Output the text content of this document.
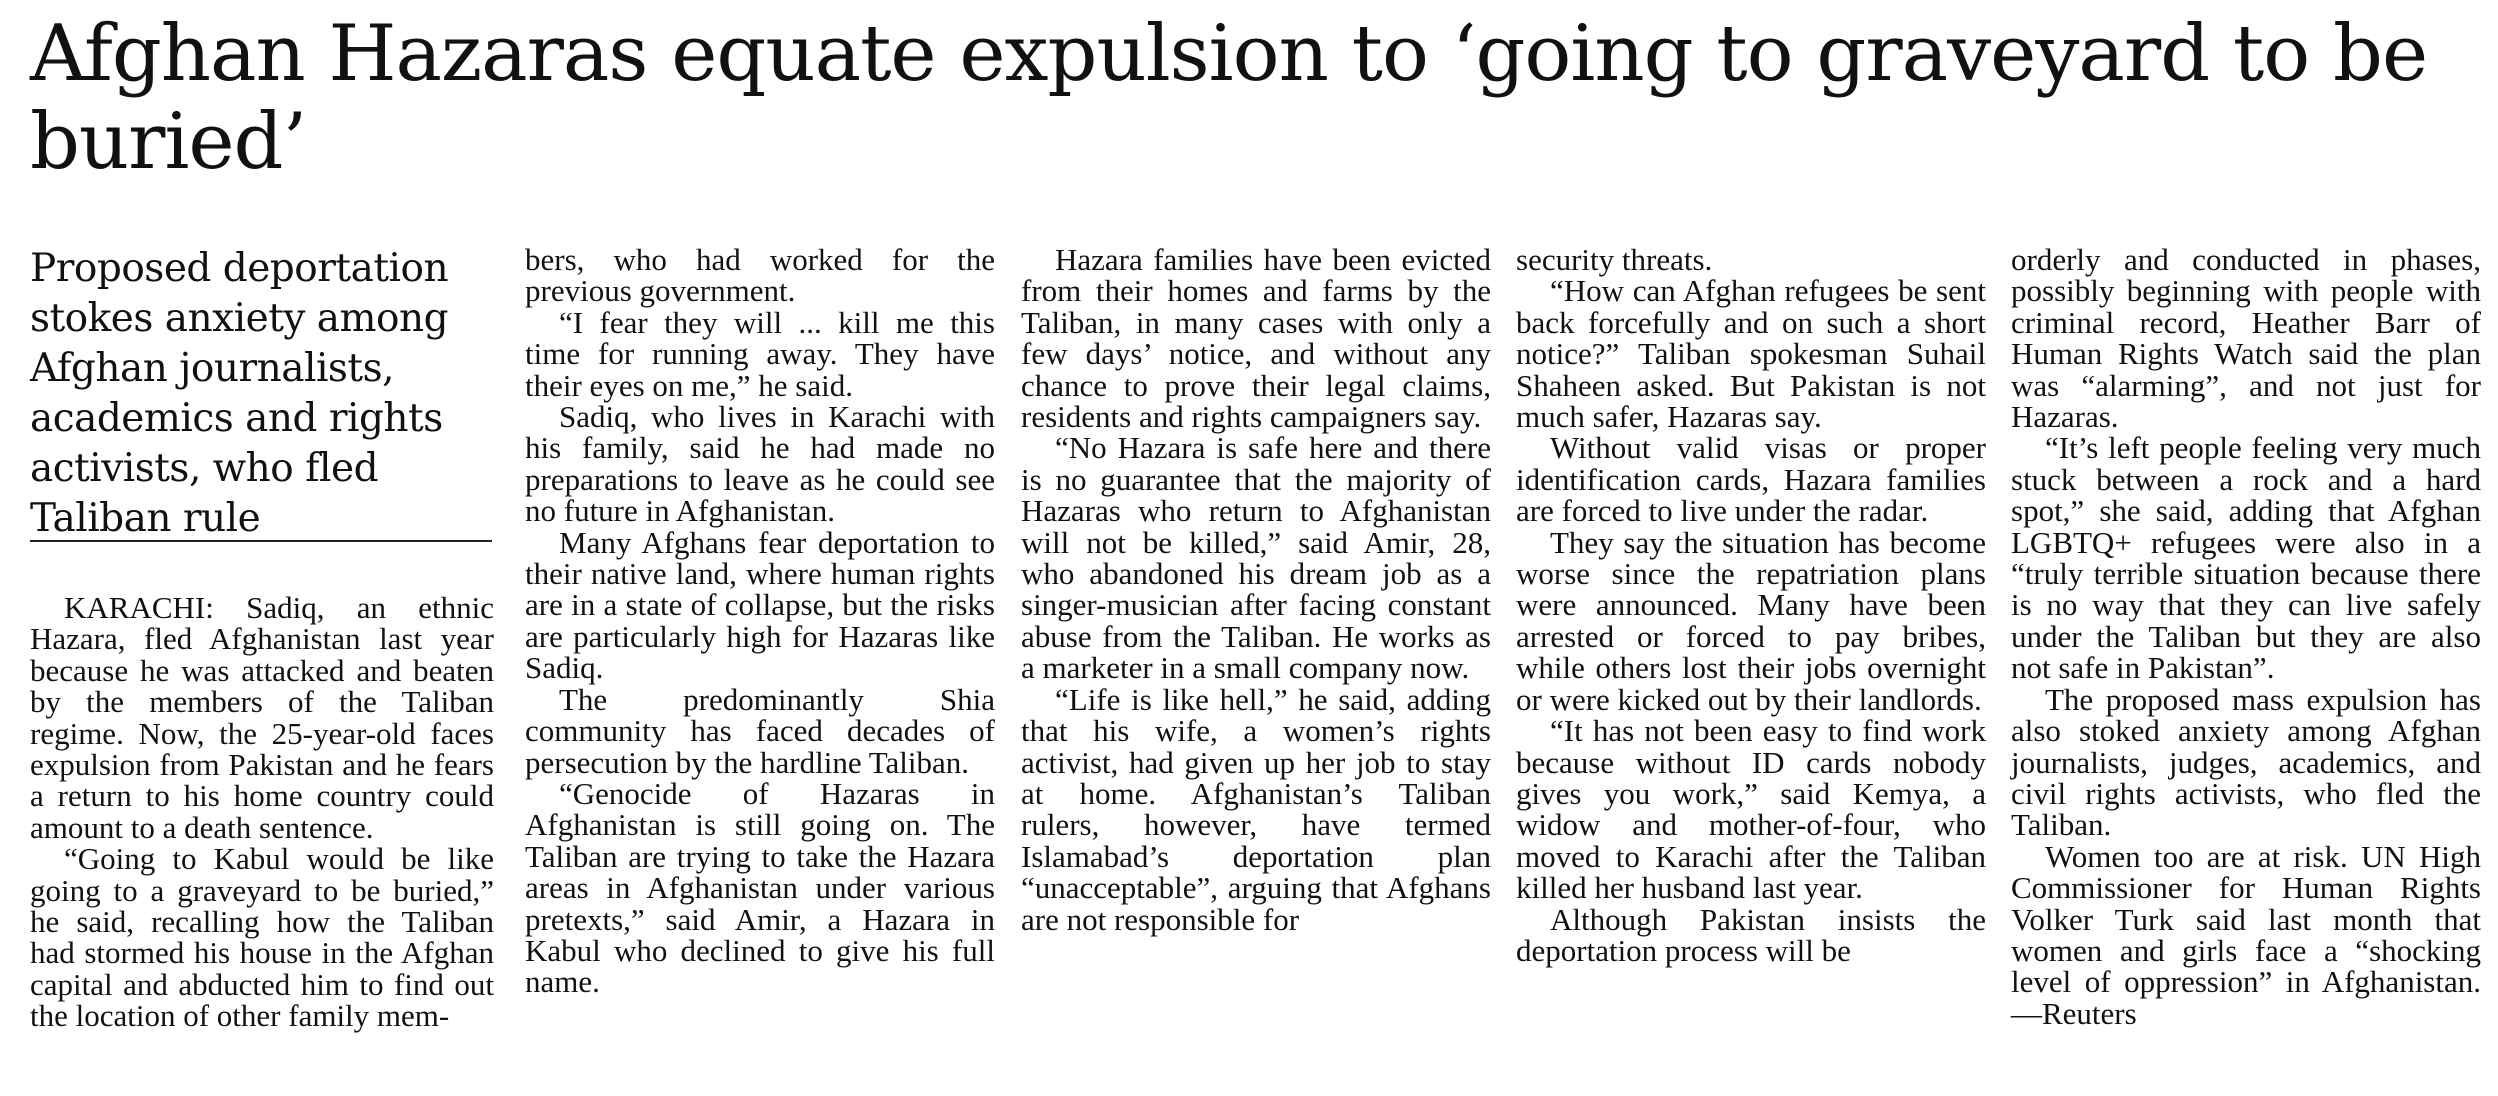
Afghan Hazaras equate expulsion to ‘going to graveyard to be buried’
Proposed deportation stokes anxiety among Afghan journalists, academics and rights activists, who fled Taliban rule

KARACHI: Sadiq, an ethnic Hazara, fled Afghanistan last year because he was attacked and beaten by the members of the Taliban regime. Now, the 25-year-old faces expulsion from Pakistan and he fears a return to his home country could amount to a death sentence.

“Going to Kabul would be like going to a graveyard to be buried,” he said, recalling how the Taliban had stormed his house in the Afghan capital and abducted him to find out the location of other family mem-

bers, who had worked for the previous government.

“I fear they will ... kill me this time for running away. They have their eyes on me,” he said.

Sadiq, who lives in Karachi with his family, said he had made no preparations to leave as he could see no future in Afghanistan.

Many Afghans fear deportation to their native land, where human rights are in a state of collapse, but the risks are particularly high for Hazaras like Sadiq.

The predominantly Shia community has faced decades of persecution by the hardline Taliban.

“Genocide of Hazaras in Afghanistan is still going on. The Taliban are trying to take the Hazara areas in Afghanistan under various pretexts,” said Amir, a Hazara in Kabul who declined to give his full name.

Hazara families have been evicted from their homes and farms by the Taliban, in many cases with only a few days’ notice, and without any chance to prove their legal claims, residents and rights campaigners say.

“No Hazara is safe here and there is no guarantee that the majority of Hazaras who return to Afghanistan will not be killed,” said Amir, 28, who abandoned his dream job as a singer-musician after facing constant abuse from the Taliban. He works as a marketer in a small company now.

“Life is like hell,” he said, adding that his wife, a women’s rights activist, had given up her job to stay at home. Afghanistan’s Taliban rulers, however, have termed Islamabad’s deportation plan “unacceptable”, arguing that Afghans are not responsible for

security threats.

“How can Afghan refugees be sent back forcefully and on such a short notice?” Taliban spokesman Suhail Shaheen asked. But Pakistan is not much safer, Hazaras say.

Without valid visas or proper identification cards, Hazara families are forced to live under the radar.

They say the situation has become worse since the repatriation plans were announced. Many have been arrested or forced to pay bribes, while others lost their jobs overnight or were kicked out by their landlords.

“It has not been easy to find work because without ID cards nobody gives you work,” said Kemya, a widow and mother-of-four, who moved to Karachi after the Taliban killed her husband last year.

Although Pakistan insists the deportation process will be

orderly and conducted in phases, possibly beginning with people with criminal record, Heather Barr of Human Rights Watch said the plan was “alarming”, and not just for Hazaras.

“It’s left people feeling very much stuck between a rock and a hard spot,” she said, adding that Afghan LGBTQ+ refugees were also in a “truly terrible situation because there is no way that they can live safely under the Taliban but they are also not safe in Pakistan”.

The proposed mass expulsion has also stoked anxiety among Afghan journalists, judges, academics, and civil rights activists, who fled the Taliban.

Women too are at risk. UN High Commissioner for Human Rights Volker Turk said last month that women and girls face a “shocking level of oppression” in Afghanistan. —Reuters
